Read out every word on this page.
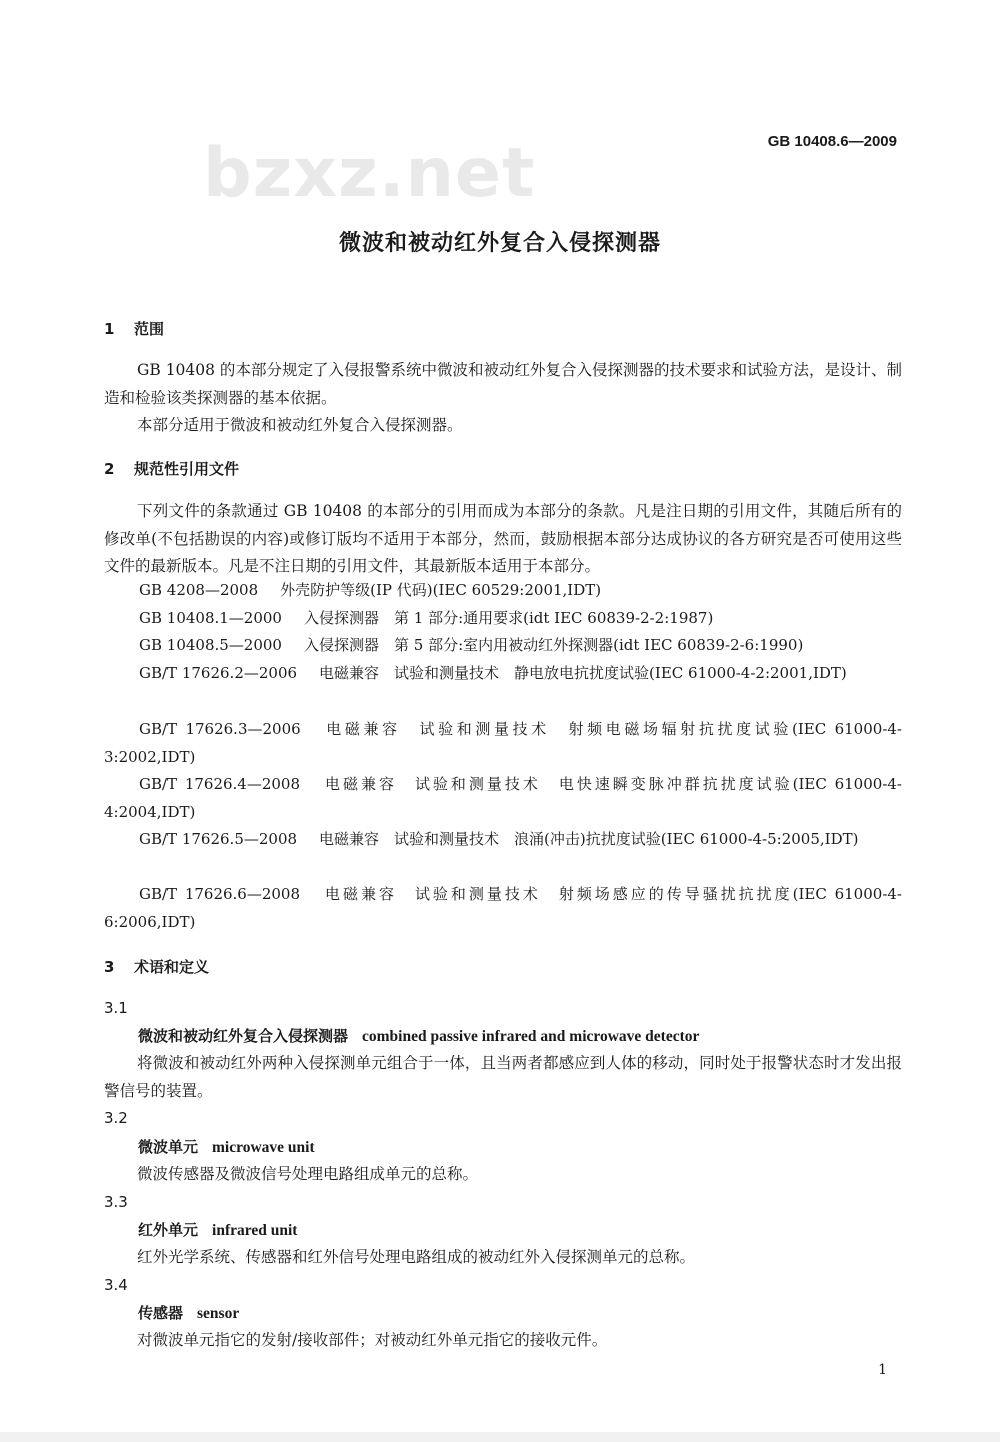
GB 10408.6—2009
bzxz.net
微波和被动红外复合入侵探测器
1 范围
GB 10408 的本部分规定了入侵报警系统中微波和被动红外复合入侵探测器的技术要求和试验方法，是设计、制造和检验该类探测器的基本依据。
本部分适用于微波和被动红外复合入侵探测器。
2 规范性引用文件
下列文件的条款通过 GB 10408 的本部分的引用而成为本部分的条款。凡是注日期的引用文件，其随后所有的修改单(不包括勘误的内容)或修订版均不适用于本部分，然而，鼓励根据本部分达成协议的各方研究是否可使用这些文件的最新版本。凡是不注日期的引用文件，其最新版本适用于本部分。
GB 4208—2008 外壳防护等级(IP 代码)(IEC 60529:2001,IDT)
GB 10408.1—2000 入侵探测器　第 1 部分:通用要求(idt IEC 60839-2-2:1987)
GB 10408.5—2000 入侵探测器　第 5 部分:室内用被动红外探测器(idt IEC 60839-2-6:1990)
GB/T 17626.2—2006 电磁兼容　试验和测量技术　静电放电抗扰度试验(IEC 61000-4-2:2001,IDT)
GB/T 17626.3—2006 电磁兼容　试验和测量技术　射频电磁场辐射抗扰度试验(IEC 61000-4-3:2002,IDT)
GB/T 17626.4—2008 电磁兼容　试验和测量技术　电快速瞬变脉冲群抗扰度试验(IEC 61000-4-4:2004,IDT)
GB/T 17626.5—2008 电磁兼容　试验和测量技术　浪涌(冲击)抗扰度试验(IEC 61000-4-5:2005,IDT)
GB/T 17626.6—2008 电磁兼容　试验和测量技术　射频场感应的传导骚扰抗扰度(IEC 61000-4-6:2006,IDT)
3 术语和定义
3.1
微波和被动红外复合入侵探测器 combined passive infrared and microwave detector
将微波和被动红外两种入侵探测单元组合于一体，且当两者都感应到人体的移动，同时处于报警状态时才发出报警信号的装置。
3.2
微波单元 microwave unit
微波传感器及微波信号处理电路组成单元的总称。
3.3
红外单元 infrared unit
红外光学系统、传感器和红外信号处理电路组成的被动红外入侵探测单元的总称。
3.4
传感器 sensor
对微波单元指它的发射/接收部件；对被动红外单元指它的接收元件。
1
